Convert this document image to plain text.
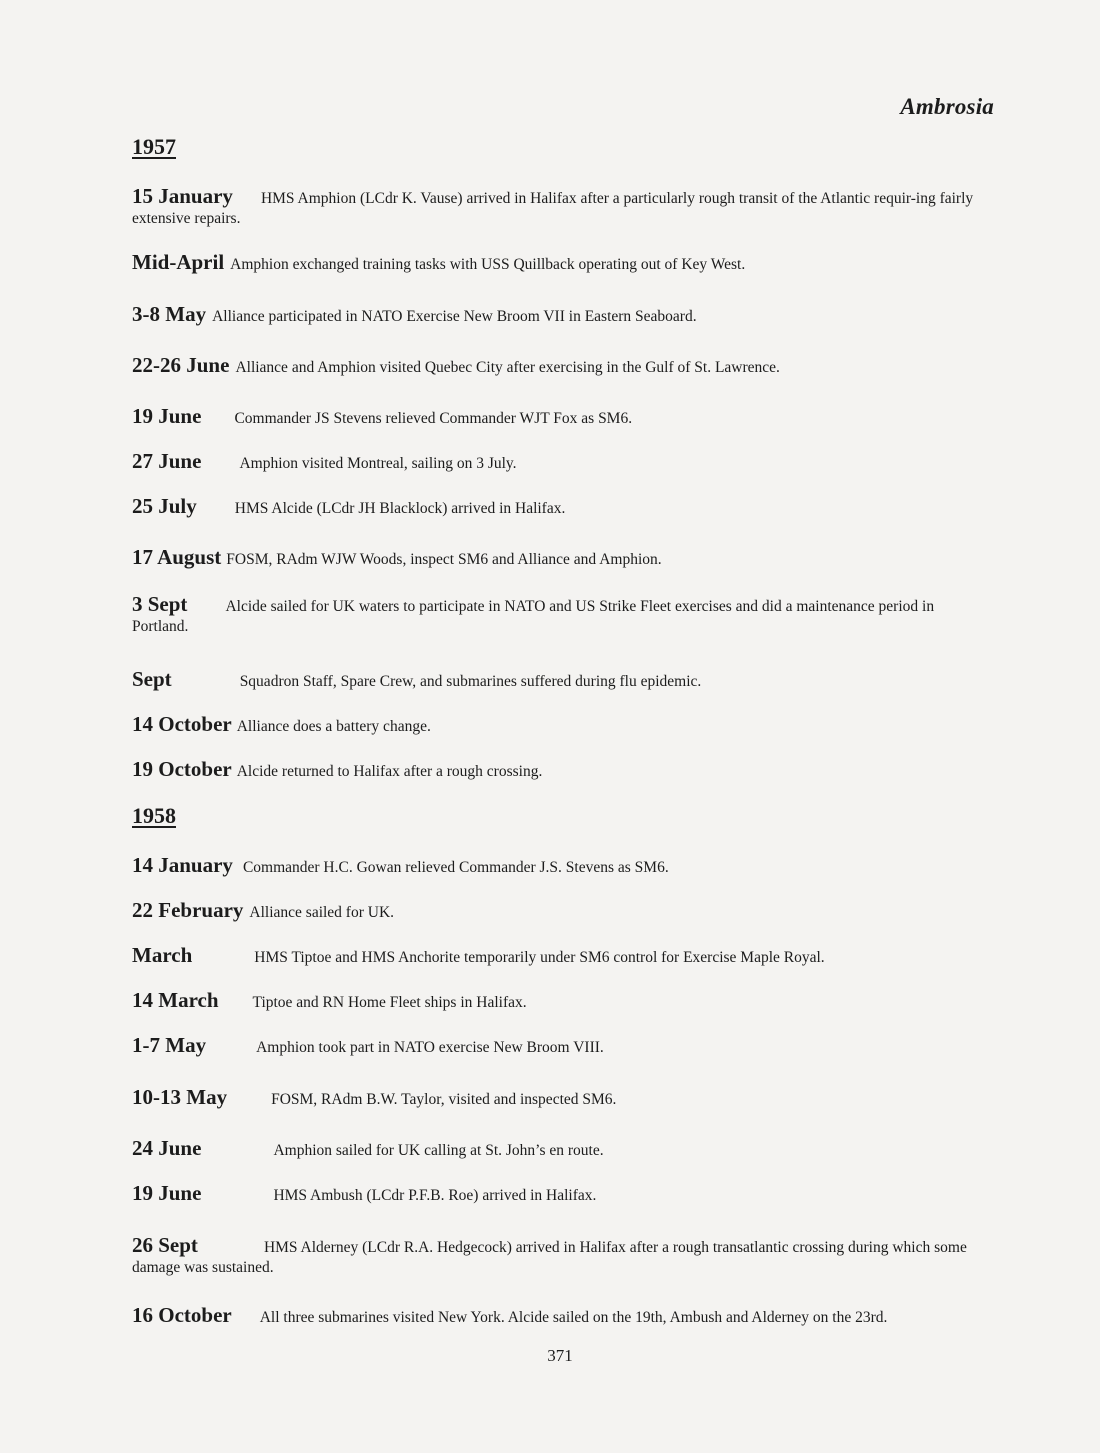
Ambrosia
1957
15 January HMS Amphion (LCdr K. Vause) arrived in Halifax after a particularly rough transit of the Atlantic requir-ing fairly extensive repairs.
Mid-April Amphion exchanged training tasks with USS Quillback operating out of Key West.
3-8 May Alliance participated in NATO Exercise New Broom VII in Eastern Seaboard.
22-26 June Alliance and Amphion visited Quebec City after exercising in the Gulf of St. Lawrence.
19 June Commander JS Stevens relieved Commander WJT Fox as SM6.
27 June Amphion visited Montreal, sailing on 3 July.
25 July HMS Alcide (LCdr JH Blacklock) arrived in Halifax.
17 August FOSM, RAdm WJW Woods, inspect SM6 and Alliance and Amphion.
3 Sept Alcide sailed for UK waters to participate in NATO and US Strike Fleet exercises and did a maintenance period in Portland.
Sept	Squadron Staff, Spare Crew, and submarines suffered during flu epidemic.
14 October Alliance does a battery change.
19 October Alcide returned to Halifax after a rough crossing.
1958
14 January Commander H.C. Gowan relieved Commander J.S. Stevens as SM6.
22 February Alliance sailed for UK.
March	HMS Tiptoe and HMS Anchorite temporarily under SM6 control for Exercise Maple Royal.
14 March Tiptoe and RN Home Fleet ships in Halifax.
1-7 May	Amphion took part in NATO exercise New Broom VIII.
10-13 May	FOSM, RAdm B.W. Taylor, visited and inspected SM6.
24 June	Amphion sailed for UK calling at St. John’s en route.
19 June	HMS Ambush (LCdr P.F.B. Roe) arrived in Halifax.
26 Sept	HMS Alderney (LCdr R.A. Hedgecock) arrived in Halifax after a rough transatlantic crossing during which some damage was sustained.
16 October All three submarines visited New York. Alcide sailed on the 19th, Ambush and Alderney on the 23rd.
371
